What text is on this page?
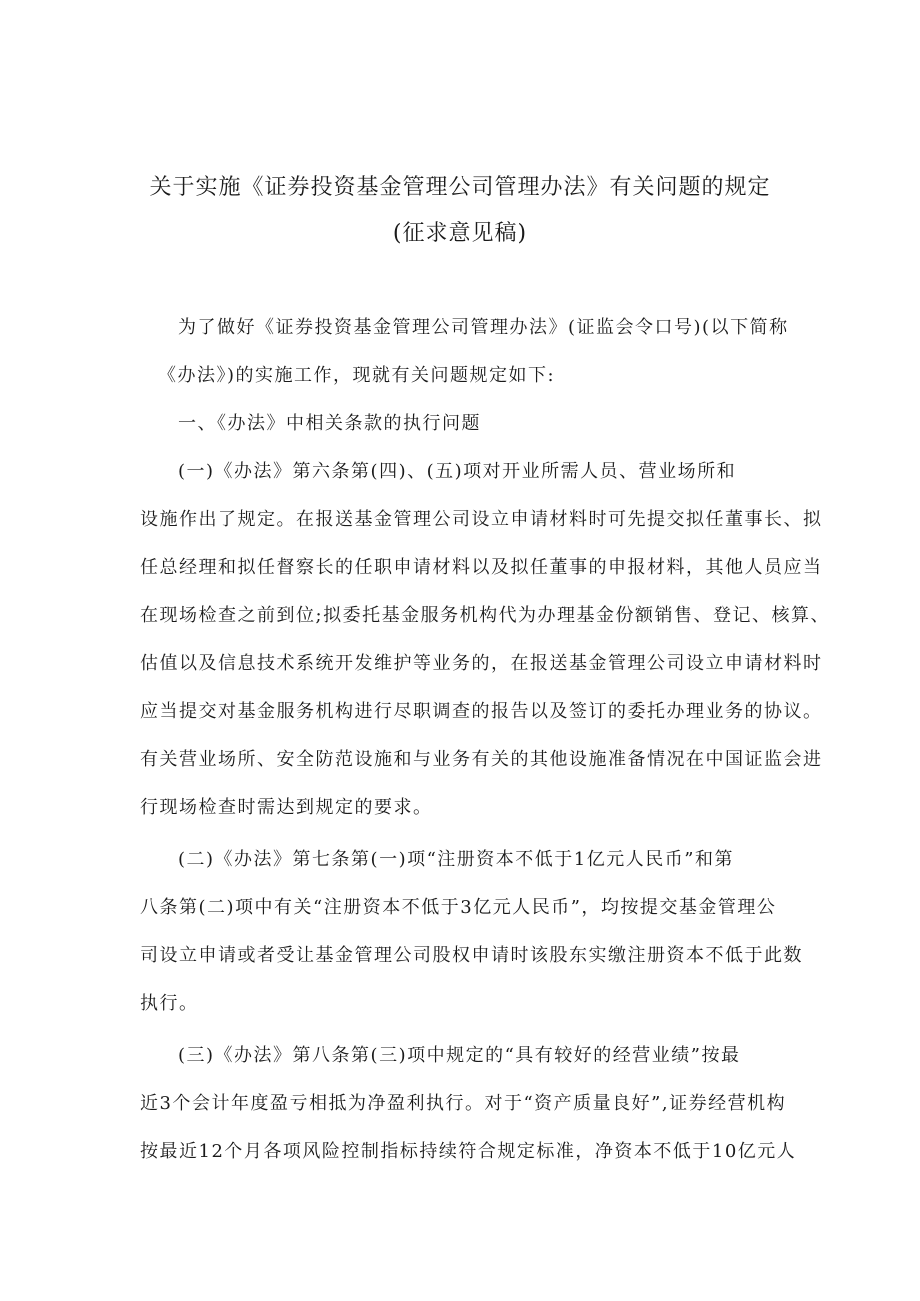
关于实施《证券投资基金管理公司管理办法》有关问题的规定
(征求意见稿)
为了做好《证券投资基金管理公司管理办法》(证监会令口号)(以下简称
《办法》)的实施工作，现就有关问题规定如下:
一、《办法》中相关条款的执行问题
(一)《办法》第六条第(四)、(五)项对开业所需人员、营业场所和
设施作出了规定。在报送基金管理公司设立申请材料时可先提交拟任董事长、拟
任总经理和拟任督察长的任职申请材料以及拟任董事的申报材料，其他人员应当
在现场检查之前到位;拟委托基金服务机构代为办理基金份额销售、登记、核算、
估值以及信息技术系统开发维护等业务的，在报送基金管理公司设立申请材料时
应当提交对基金服务机构进行尽职调查的报告以及签订的委托办理业务的协议。
有关营业场所、安全防范设施和与业务有关的其他设施准备情况在中国证监会进
行现场检查时需达到规定的要求。
(二)《办法》第七条第(一)项“注册资本不低于1亿元人民币”和第
八条第(二)项中有关“注册资本不低于3亿元人民币”，均按提交基金管理公
司设立申请或者受让基金管理公司股权申请时该股东实缴注册资本不低于此数
执行。
(三)《办法》第八条第(三)项中规定的“具有较好的经营业绩”按最
近3个会计年度盈亏相抵为净盈利执行。对于“资产质量良好”,证券经营机构
按最近12个月各项风险控制指标持续符合规定标准，净资本不低于10亿元人
